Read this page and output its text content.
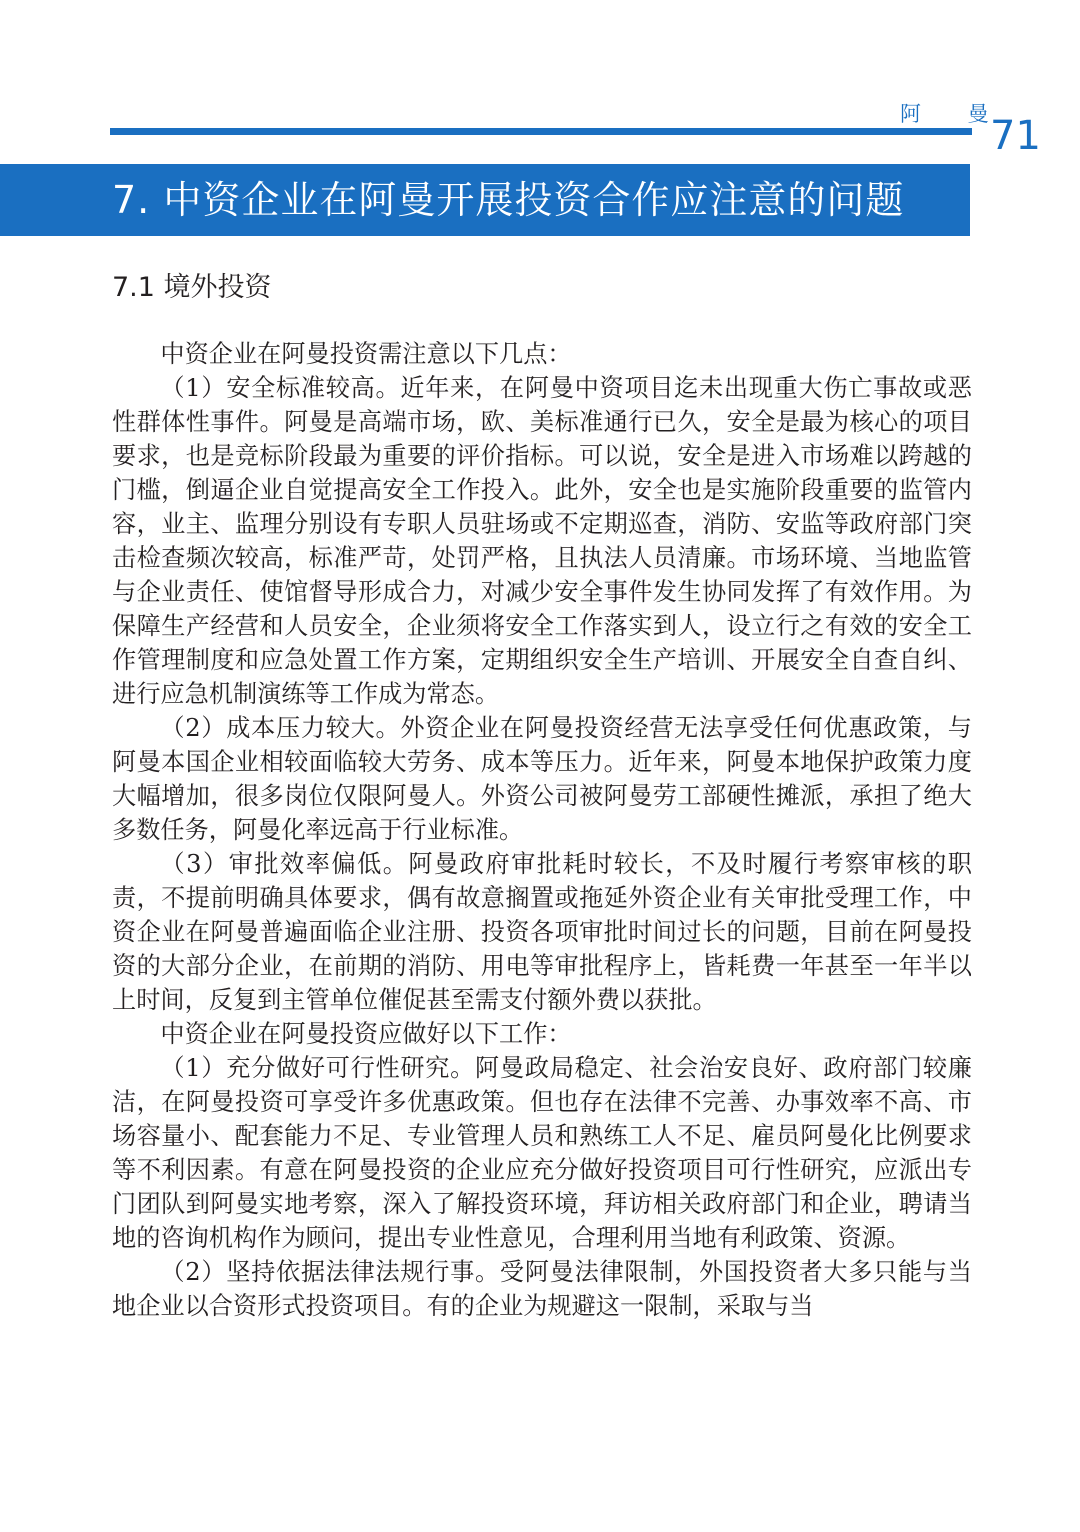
阿 曼
71
7. 中资企业在阿曼开展投资合作应注意的问题
7.1 境外投资

中资企业在阿曼投资需注意以下几点：

（1）安全标准较高。近年来，在阿曼中资项目迄未出现重大伤亡事故或恶性群体性事件。阿曼是高端市场，欧、美标准通行已久，安全是最为核心的项目要求，也是竞标阶段最为重要的评价指标。可以说，安全是进入市场难以跨越的门槛，倒逼企业自觉提高安全工作投入。此外，安全也是实施阶段重要的监管内容，业主、监理分别设有专职人员驻场或不定期巡查，消防、安监等政府部门突击检查频次较高，标准严苛，处罚严格，且执法人员清廉。市场环境、当地监管与企业责任、使馆督导形成合力，对减少安全事件发生协同发挥了有效作用。为保障生产经营和人员安全，企业须将安全工作落实到人，设立行之有效的安全工作管理制度和应急处置工作方案，定期组织安全生产培训、开展安全自查自纠、进行应急机制演练等工作成为常态。

（2）成本压力较大。外资企业在阿曼投资经营无法享受任何优惠政策，与阿曼本国企业相较面临较大劳务、成本等压力。近年来，阿曼本地保护政策力度大幅增加，很多岗位仅限阿曼人。外资公司被阿曼劳工部硬性摊派，承担了绝大多数任务，阿曼化率远高于行业标准。

（3）审批效率偏低。阿曼政府审批耗时较长，不及时履行考察审核的职责，不提前明确具体要求，偶有故意搁置或拖延外资企业有关审批受理工作，中资企业在阿曼普遍面临企业注册、投资各项审批时间过长的问题，目前在阿曼投资的大部分企业，在前期的消防、用电等审批程序上，皆耗费一年甚至一年半以上时间，反复到主管单位催促甚至需支付额外费以获批。

中资企业在阿曼投资应做好以下工作：

（1）充分做好可行性研究。阿曼政局稳定、社会治安良好、政府部门较廉洁，在阿曼投资可享受许多优惠政策。但也存在法律不完善、办事效率不高、市场容量小、配套能力不足、专业管理人员和熟练工人不足、雇员阿曼化比例要求等不利因素。有意在阿曼投资的企业应充分做好投资项目可行性研究，应派出专门团队到阿曼实地考察，深入了解投资环境，拜访相关政府部门和企业，聘请当地的咨询机构作为顾问，提出专业性意见，合理利用当地有利政策、资源。

（2）坚持依据法律法规行事。受阿曼法律限制，外国投资者大多只能与当地企业以合资形式投资项目。有的企业为规避这一限制，采取与当
